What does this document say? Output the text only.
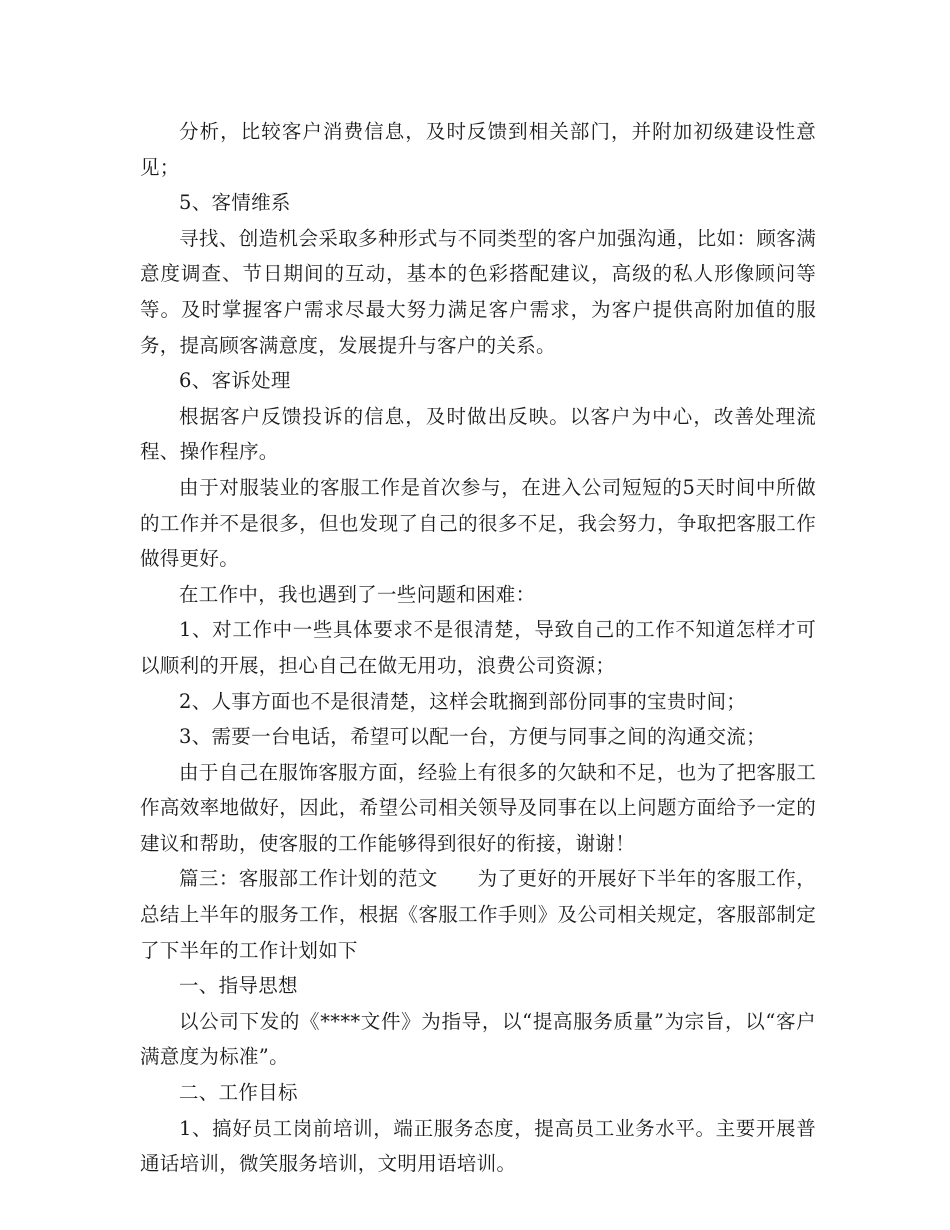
分析，比较客户消费信息，及时反馈到相关部门，并附加初级建设性意见；

5、客情维系

寻找、创造机会采取多种形式与不同类型的客户加强沟通，比如：顾客满意度调查、节日期间的互动，基本的色彩搭配建议，高级的私人形像顾问等等。及时掌握客户需求尽最大努力满足客户需求，为客户提供高附加值的服务，提高顾客满意度，发展提升与客户的关系。

6、客诉处理

根据客户反馈投诉的信息，及时做出反映。以客户为中心，改善处理流程、操作程序。

由于对服装业的客服工作是首次参与，在进入公司短短的5天时间中所做的工作并不是很多，但也发现了自己的很多不足，我会努力，争取把客服工作做得更好。

在工作中，我也遇到了一些问题和困难：

1、对工作中一些具体要求不是很清楚，导致自己的工作不知道怎样才可以顺利的开展，担心自己在做无用功，浪费公司资源；

2、人事方面也不是很清楚，这样会耽搁到部份同事的宝贵时间；

3、需要一台电话，希望可以配一台，方便与同事之间的沟通交流；

由于自己在服饰客服方面，经验上有很多的欠缺和不足，也为了把客服工作高效率地做好，因此，希望公司相关领导及同事在以上问题方面给予一定的建议和帮助，使客服的工作能够得到很好的衔接，谢谢！

篇三：客服部工作计划的范文　　为了更好的开展好下半年的客服工作，总结上半年的服务工作，根据《客服工作手则》及公司相关规定，客服部制定了下半年的工作计划如下

一、指导思想

以公司下发的《****文件》为指导，以“提高服务质量”为宗旨，以“客户满意度为标准”。

二、工作目标

1、搞好员工岗前培训，端正服务态度，提高员工业务水平。主要开展普通话培训，微笑服务培训，文明用语培训。
